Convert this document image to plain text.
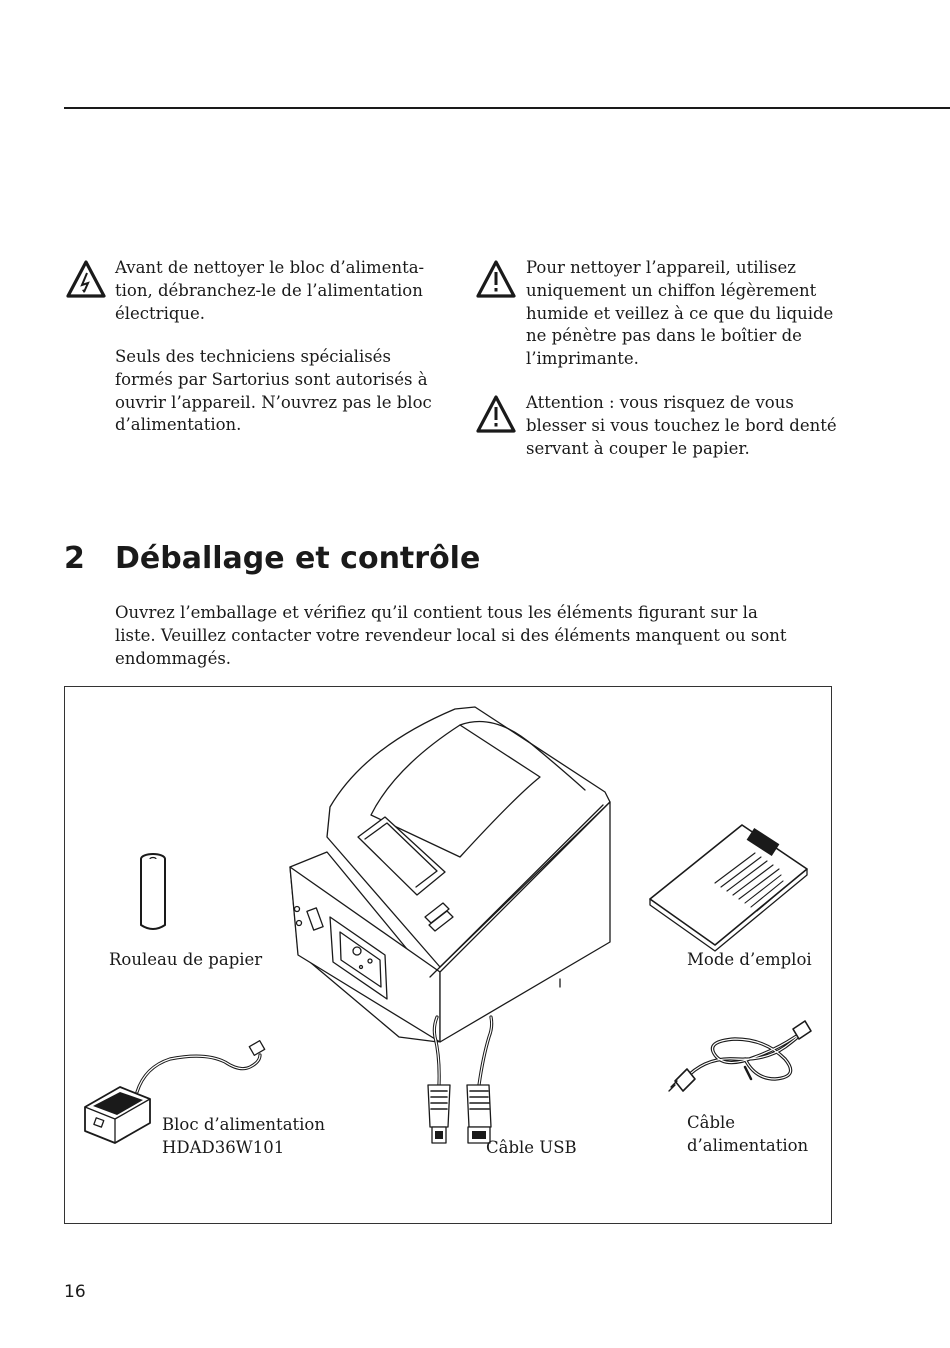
Avant de nettoyer le bloc d’alimenta-
tion, débranchez-le de l’alimentation
électrique.
Seuls des techniciens spécialisés
formés par Sartorius sont autorisés à
ouvrir l’appareil. N’ouvrez pas le bloc
d’alimentation.
Pour nettoyer l’appareil, utilisez
uniquement un chiffon légèrement
humide et veillez à ce que du liquide
ne pénètre pas dans le boîtier de
l’imprimante.
Attention : vous risquez de vous
blesser si vous touchez le bord denté
servant à couper le papier.
2 Déballage et contrôle
Ouvrez l’emballage et vérifiez qu’il contient tous les éléments figurant sur la
liste. Veuillez contacter votre revendeur local si des éléments manquent ou sont
endommagés.
Rouleau de papier	Mode d’emploi
Bloc d’alimentation
HDAD36W101	Câble USB
Câble
d’alimentation
16
